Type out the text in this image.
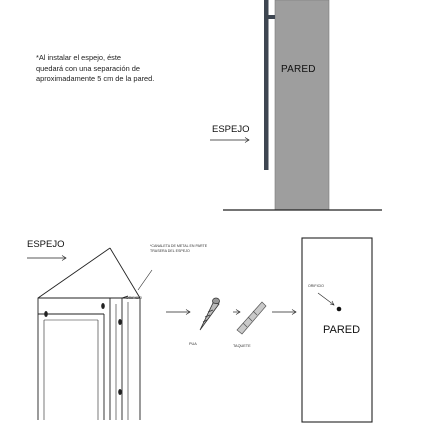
*Al instalar el espejo, éste
quedará con una separación de
aproximadamente 5 cm de la pared.
PARED
ESPEJO
ESPEJO	*CANALETA DE METAL EN PARTE TRASERA DEL ESPEJO
ORIFICIO
ORIFICIO
PUA	TAQUETE
PARED
